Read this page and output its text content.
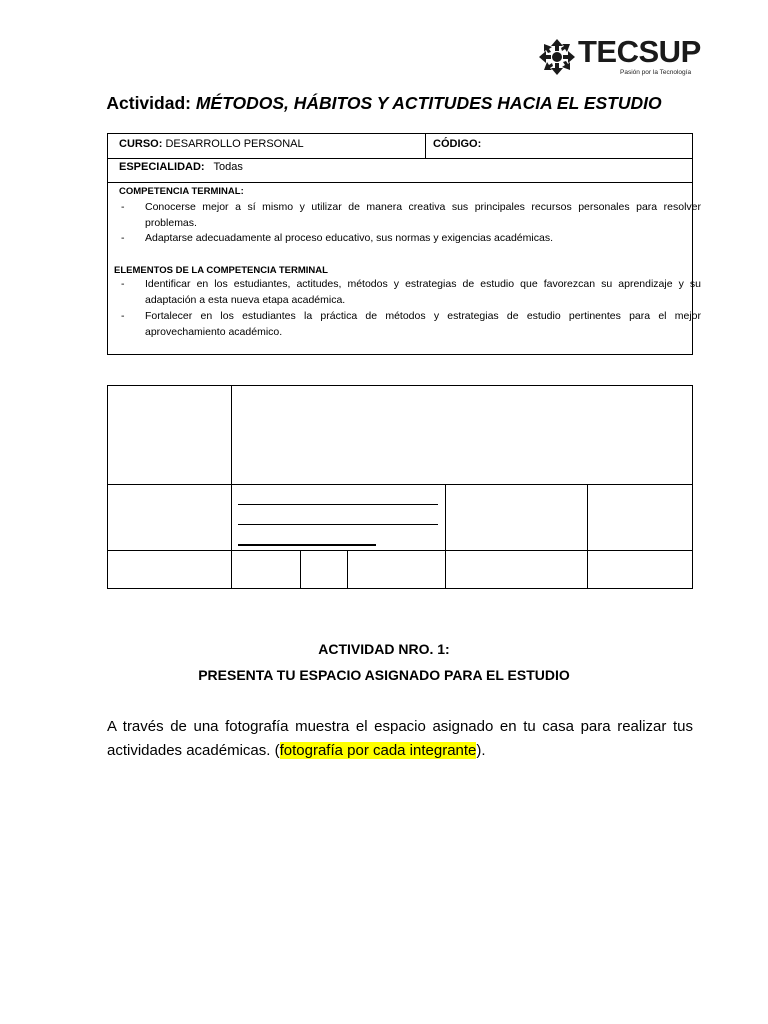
TECSUP
Pasión por la Tecnología
Actividad: MÉTODOS, HÁBITOS Y ACTITUDES HACIA EL ESTUDIO
CURSO: DESARROLLO PERSONAL	CÓDIGO:
ESPECIALIDAD: Todas
COMPETENCIA TERMINAL:
- Conocerse mejor a sí mismo y utilizar de manera creativa sus principales recursos personales para resolver problemas.
- Adaptarse adecuadamente al proceso educativo, sus normas y exigencias académicas.
ELEMENTOS DE LA COMPETENCIA TERMINAL
- Identificar en los estudiantes, actitudes, métodos y estrategias de estudio que favorezcan su aprendizaje y su adaptación a esta nueva etapa académica.
- Fortalecer en los estudiantes la práctica de métodos y estrategias de estudio pertinentes para el mejor aprovechamiento académico.
ACTIVIDAD NRO. 1:
PRESENTA TU ESPACIO ASIGNADO PARA EL ESTUDIO
A través de una fotografía muestra el espacio asignado en tu casa para realizar tus actividades académicas. (fotografía por cada integrante).
